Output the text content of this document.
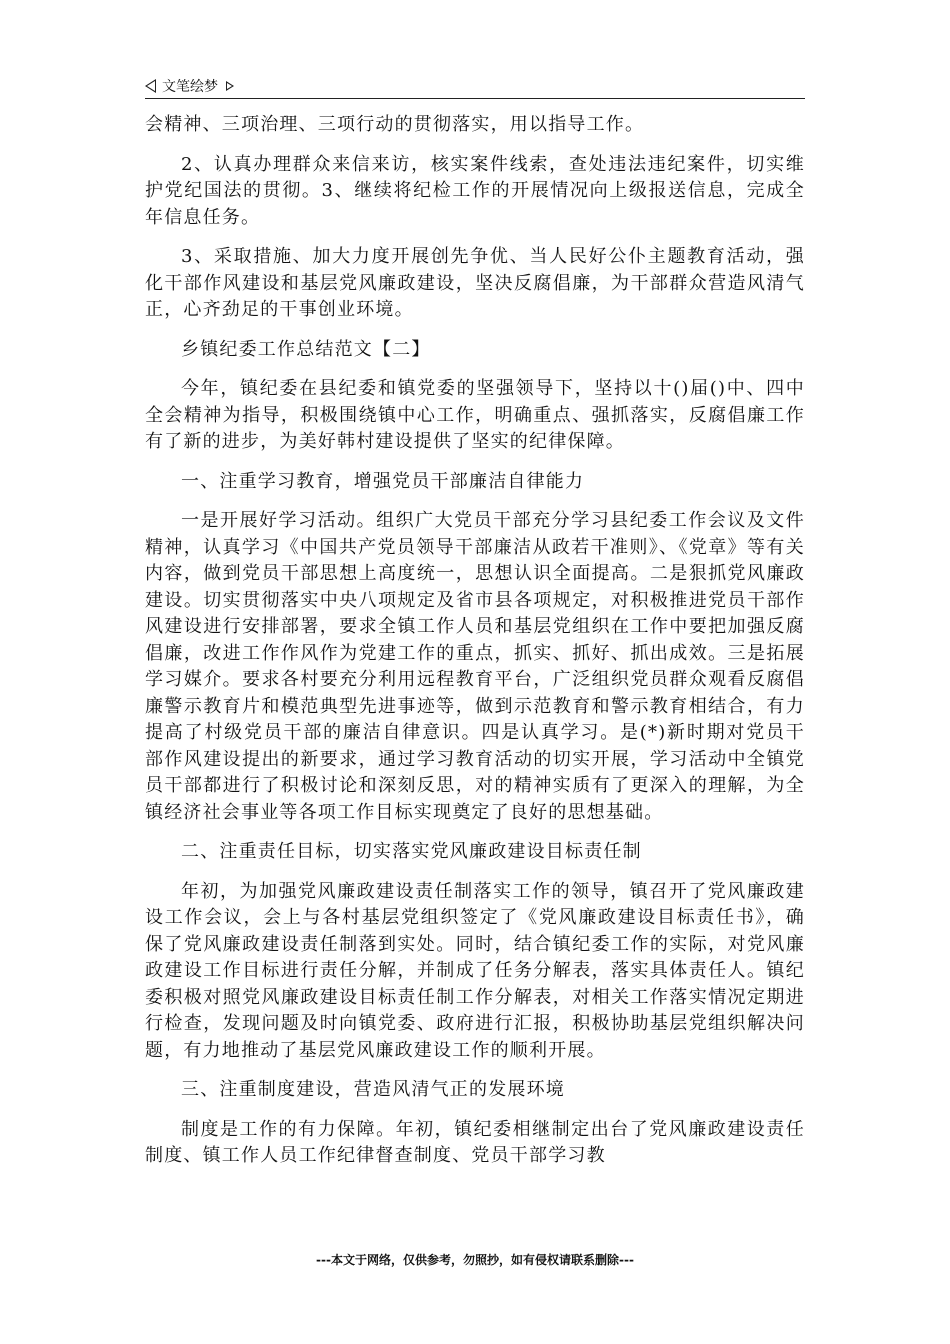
文笔绘梦

会精神、三项治理、三项行动的贯彻落实，用以指导工作。

2、认真办理群众来信来访，核实案件线索，查处违法违纪案件，切实维护党纪国法的贯彻。3、继续将纪检工作的开展情况向上级报送信息，完成全年信息任务。

3、采取措施、加大力度开展创先争优、当人民好公仆主题教育活动，强化干部作风建设和基层党风廉政建设，坚决反腐倡廉，为干部群众营造风清气正，心齐劲足的干事创业环境。

乡镇纪委工作总结范文【二】

今年，镇纪委在县纪委和镇党委的坚强领导下，坚持以十()届()中、四中全会精神为指导，积极围绕镇中心工作，明确重点、强抓落实，反腐倡廉工作有了新的进步，为美好韩村建设提供了坚实的纪律保障。

一、注重学习教育，增强党员干部廉洁自律能力

一是开展好学习活动。组织广大党员干部充分学习县纪委工作会议及文件精神，认真学习《中国共产党员领导干部廉洁从政若干准则》、《党章》等有关内容，做到党员干部思想上高度统一，思想认识全面提高。二是狠抓党风廉政建设。切实贯彻落实中央八项规定及省市县各项规定，对积极推进党员干部作风建设进行安排部署，要求全镇工作人员和基层党组织在工作中要把加强反腐倡廉，改进工作作风作为党建工作的重点，抓实、抓好、抓出成效。三是拓展学习媒介。要求各村要充分利用远程教育平台，广泛组织党员群众观看反腐倡廉警示教育片和模范典型先进事迹等，做到示范教育和警示教育相结合，有力提高了村级党员干部的廉洁自律意识。四是认真学习。是(*)新时期对党员干部作风建设提出的新要求，通过学习教育活动的切实开展，学习活动中全镇党员干部都进行了积极讨论和深刻反思，对的精神实质有了更深入的理解，为全镇经济社会事业等各项工作目标实现奠定了良好的思想基础。

二、注重责任目标，切实落实党风廉政建设目标责任制

年初，为加强党风廉政建设责任制落实工作的领导，镇召开了党风廉政建设工作会议，会上与各村基层党组织签定了《党风廉政建设目标责任书》，确保了党风廉政建设责任制落到实处。同时，结合镇纪委工作的实际，对党风廉政建设工作目标进行责任分解，并制成了任务分解表，落实具体责任人。镇纪委积极对照党风廉政建设目标责任制工作分解表，对相关工作落实情况定期进行检查，发现问题及时向镇党委、政府进行汇报，积极协助基层党组织解决问题，有力地推动了基层党风廉政建设工作的顺利开展。

三、注重制度建设，营造风清气正的发展环境

制度是工作的有力保障。年初，镇纪委相继制定出台了党风廉政建设责任制度、镇工作人员工作纪律督查制度、党员干部学习教

---本文于网络，仅供参考，勿照抄，如有侵权请联系删除---
